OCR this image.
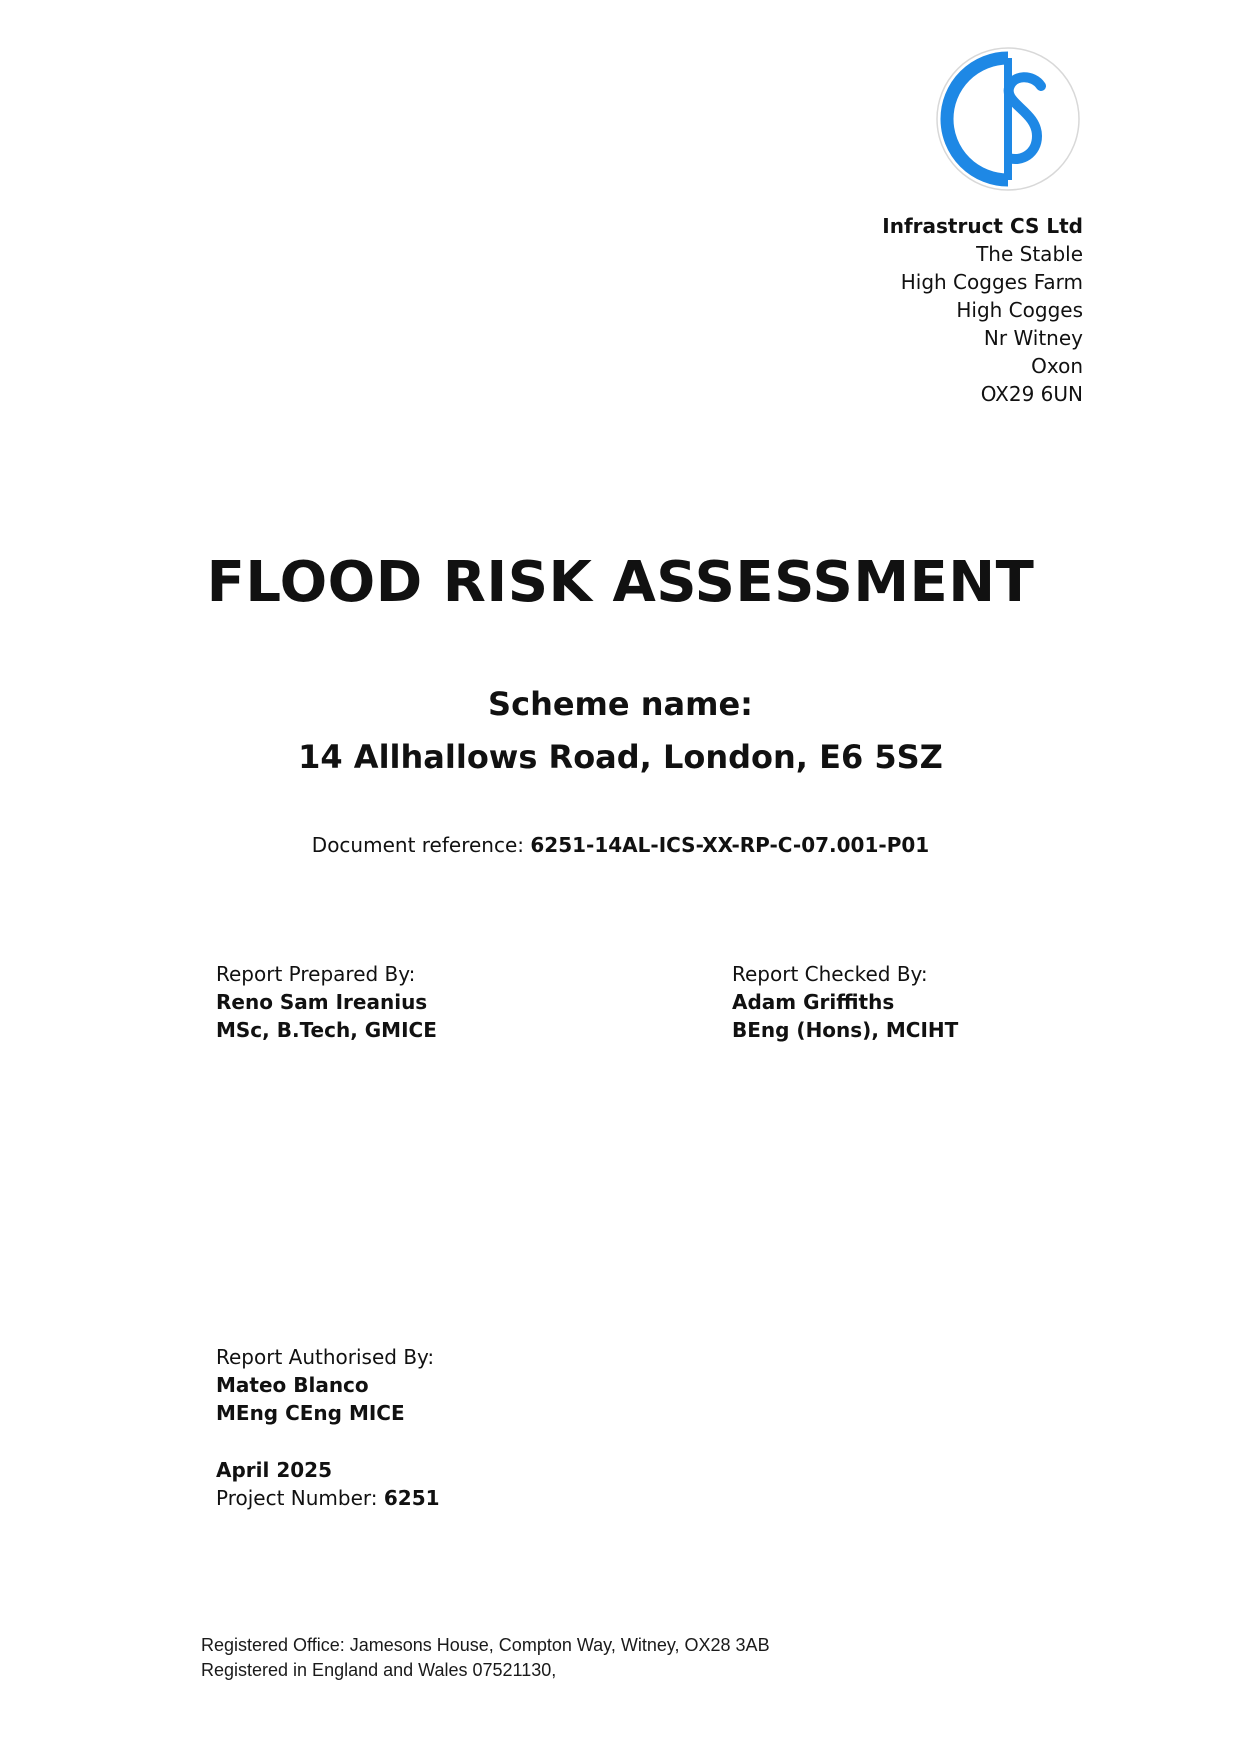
Infrastruct CS Ltd
The Stable
High Cogges Farm
High Cogges
Nr Witney
Oxon
OX29 6UN
FLOOD RISK ASSESSMENT
Scheme name:
14 Allhallows Road, London, E6 5SZ
Document reference: 6251-14AL-ICS-XX-RP-C-07.001-P01
Report Prepared By:
Reno Sam Ireanius
MSc, B.Tech, GMICE
Report Checked By:
Adam Griffiths
BEng (Hons), MCIHT
Report Authorised By:
Mateo Blanco
MEng CEng MICE
April 2025
Project Number: 6251
Registered Office: Jamesons House, Compton Way, Witney, OX28 3AB
Registered in England and Wales 07521130,
